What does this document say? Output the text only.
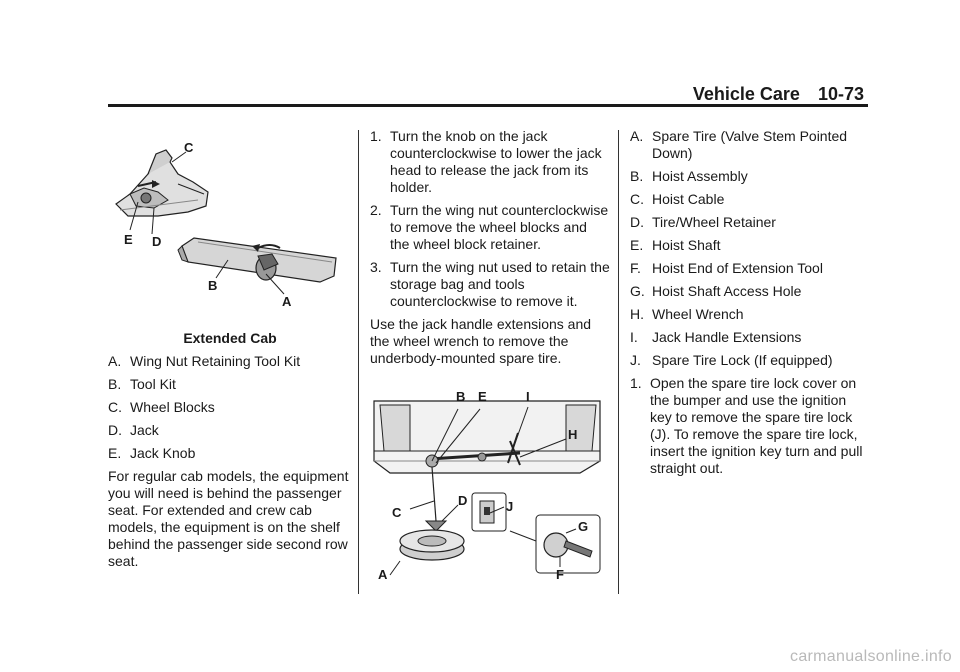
Vehicle Care 10-73
C
E D
B
A

Extended Cab

A. Wing Nut Retaining Tool Kit
B. Tool Kit
C. Wheel Blocks
D. Jack
E. Jack Knob

For regular cab models, the equipment you will need is behind the passenger seat. For extended and crew cab models, the equipment is on the shelf behind the passenger side second row seat.

1. Turn the knob on the jack counterclockwise to lower the jack head to release the jack from its holder.
2. Turn the wing nut counterclockwise to remove the wheel blocks and the wheel block retainer.
3. Turn the wing nut used to retain the storage bag and tools counterclockwise to remove it.

Use the jack handle extensions and the wheel wrench to remove the underbody-mounted spare tire.

B E	I
H
C
D	J
G
F
A
A. Spare Tire (Valve Stem Pointed Down)
B. Hoist Assembly
C. Hoist Cable
D. Tire/Wheel Retainer
E. Hoist Shaft
F. Hoist End of Extension Tool
G. Hoist Shaft Access Hole
H. Wheel Wrench
I.	Jack Handle Extensions
J. Spare Tire Lock (If equipped)
1. Open the spare tire lock cover on the bumper and use the ignition key to remove the spare tire lock (J). To remove the spare tire lock, insert the ignition key turn and pull straight out.
carmanualsonline.info
